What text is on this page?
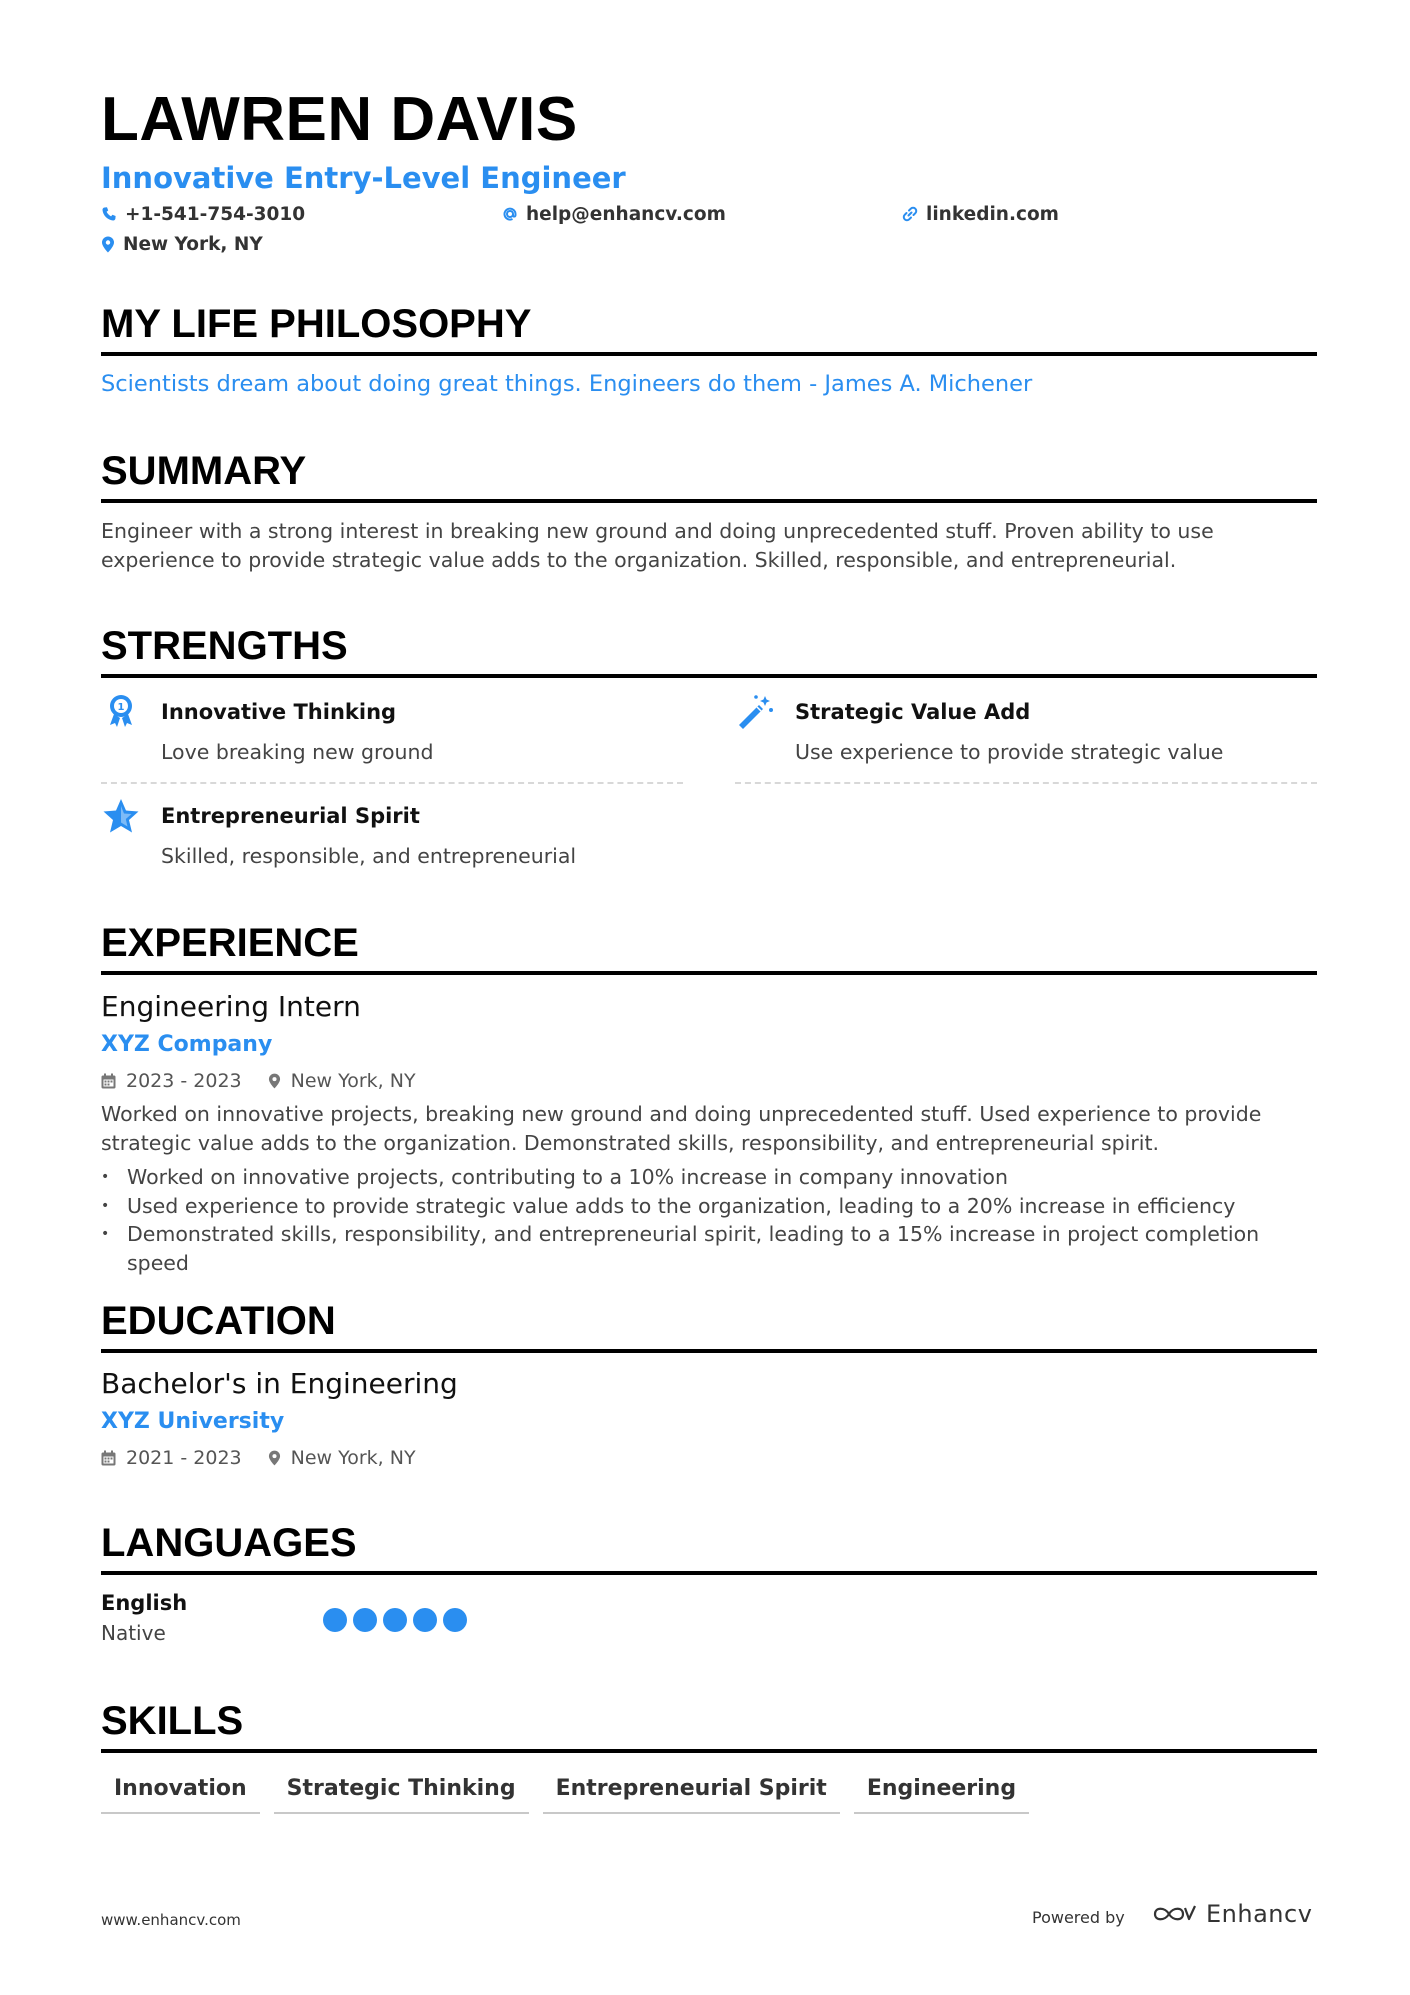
LAWREN DAVIS
Innovative Entry-Level Engineer
+1-541-754-3010	help@enhancv.com	linkedin.com
New York, NY
MY LIFE PHILOSOPHY
Scientists dream about doing great things. Engineers do them - James A. Michener
SUMMARY
Engineer with a strong interest in breaking new ground and doing unprecedented stuff. Proven ability to use experience to provide strategic value adds to the organization. Skilled, responsible, and entrepreneurial.
STRENGTHS
1 Innovative Thinking
Love breaking new ground
Strategic Value Add
Use experience to provide strategic value
Entrepreneurial Spirit
Skilled, responsible, and entrepreneurial
EXPERIENCE
Engineering Intern
XYZ Company
2023 - 2023	New York, NY
Worked on innovative projects, breaking new ground and doing unprecedented stuff. Used experience to provide strategic value adds to the organization. Demonstrated skills, responsibility, and entrepreneurial spirit.
• Worked on innovative projects, contributing to a 10% increase in company innovation
• Used experience to provide strategic value adds to the organization, leading to a 20% increase in efficiency
• Demonstrated skills, responsibility, and entrepreneurial spirit, leading to a 15% increase in project completion speed
EDUCATION
Bachelor's in Engineering
XYZ University
2021 - 2023	New York, NY
LANGUAGES
English
Native
SKILLS
Innovation	Strategic Thinking	Entrepreneurial Spirit	Engineering
www.enhancv.com	Powered by	Enhancv
